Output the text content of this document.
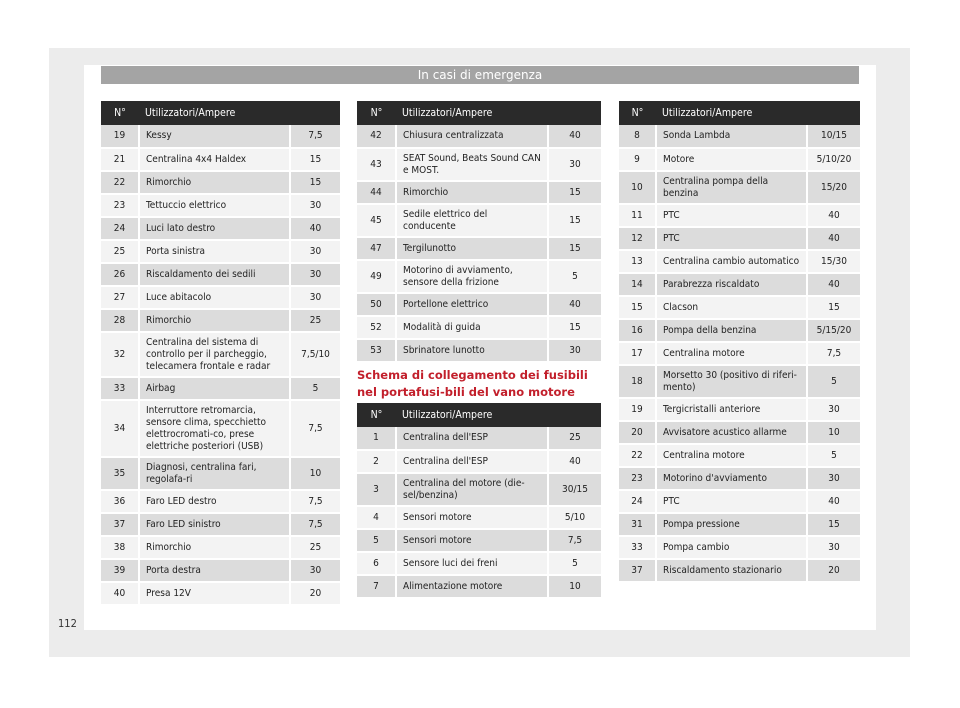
In casi di emergenza
N°	Utilizzatori/Ampere	
19	Kessy	7,5
21	Centralina 4x4 Haldex	15
22	Rimorchio	15
23	Tettuccio elettrico	30
24	Luci lato destro	40
25	Porta sinistra	30
26	Riscaldamento dei sedili	30
27	Luce abitacolo	30
28	Rimorchio	25
32	Centralina del sistema di controllo per il parcheggio, telecamera frontale e radar	7,5/10
33	Airbag	5
34	Interruttore retromarcia, sensore clima, specchietto elettrocromati-co, prese elettriche posteriori (USB)	7,5
35	Diagnosi, centralina fari, regolafa-ri	10
36	Faro LED destro	7,5
37	Faro LED sinistro	7,5
38	Rimorchio	25
39	Porta destra	30
40	Presa 12V	20
N°	Utilizzatori/Ampere	
42	Chiusura centralizzata	40
43	SEAT Sound, Beats Sound CAN e MOST.	30
44	Rimorchio	15
45	Sedile elettrico del conducente	15
47	Tergilunotto	15
49	Motorino di avviamento, sensore della frizione	5
50	Portellone elettrico	40
52	Modalità di guida	15
53	Sbrinatore lunotto	30
Schema di collegamento dei fusibili nel portafusi-bili del vano motore
N°	Utilizzatori/Ampere	
1	Centralina dell'ESP	25
2	Centralina dell'ESP	40
3	Centralina del motore (die-sel/benzina)	30/15
4	Sensori motore	5/10
5	Sensori motore	7,5
6	Sensore luci dei freni	5
7	Alimentazione motore	10
N°	Utilizzatori/Ampere	
8	Sonda Lambda	10/15
9	Motore	5/10/20
10	Centralina pompa della benzina	15/20
11	PTC	40
12	PTC	40
13	Centralina cambio automatico	15/30
14	Parabrezza riscaldato	40
15	Clacson	15
16	Pompa della benzina	5/15/20
17	Centralina motore	7,5
18	Morsetto 30 (positivo di riferi-mento)	5
19	Tergicristalli anteriore	30
20	Avvisatore acustico allarme	10
22	Centralina motore	5
23	Motorino d'avviamento	30
24	PTC	40
31	Pompa pressione	15
33	Pompa cambio	30
37	Riscaldamento stazionario	20
112
